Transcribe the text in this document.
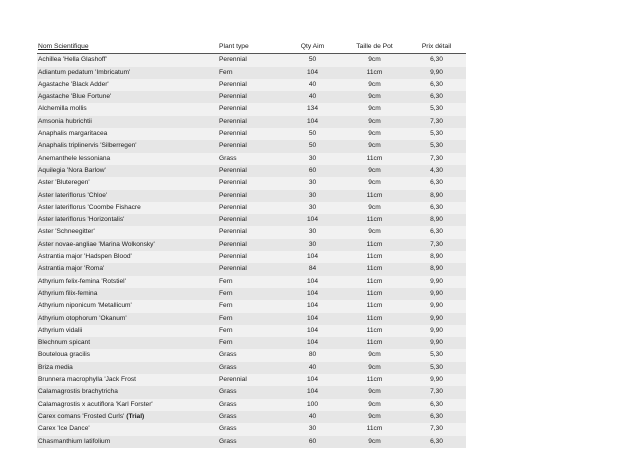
Nom Scientifique	Plant type	Qty Aim	Taille de Pot	Prix détail
Achillea 'Hella Glashoff'	Perennial	50	9cm	6,30
Adiantum pedatum 'Imbricatum'	Fern	104	11cm	9,90
Agastache 'Black Adder'	Perennial	40	9cm	6,30
Agastache 'Blue Fortune'	Perennial	40	9cm	6,30
Alchemilla mollis	Perennial	134	9cm	5,30
Amsonia hubrichtii	Perennial	104	9cm	7,30
Anaphalis margaritacea	Perennial	50	9cm	5,30
Anaphalis triplinervis 'Silberregen'	Perennial	50	9cm	5,30
Anemanthele lessoniana	Grass	30	11cm	7,30
Aquilegia 'Nora Barlow'	Perennial	60	9cm	4,30
Aster 'Bluteregen'	Perennial	30	9cm	6,30
Aster lateriflorus 'Chloe'	Perennial	30	11cm	8,90
Aster lateriflorus 'Coombe Fishacre	Perennial	30	9cm	6,30
Aster lateriflorus 'Horizontalis'	Perennial	104	11cm	8,90
Aster 'Schneegitter'	Perennial	30	9cm	6,30
Aster novae-angliae 'Marina Wolkonsky'	Perennial	30	11cm	7,30
Astrantia major 'Hadspen Blood'	Perennial	104	11cm	8,90
Astrantia major 'Roma'	Perennial	84	11cm	8,90
Athyrium felix-femina 'Rotstiel'	Fern	104	11cm	9,90
Athyrium filix-femina	Fern	104	11cm	9,90
Athyrium niponicum 'Metallicum'	Fern	104	11cm	9,90
Athyrium otophorum 'Okanum'	Fern	104	11cm	9,90
Athyrium vidalii	Fern	104	11cm	9,90
Blechnum spicant	Fern	104	11cm	9,90
Bouteloua gracilis	Grass	80	9cm	5,30
Briza media	Grass	40	9cm	5,30
Brunnera macrophylla 'Jack Frost	Perennial	104	11cm	9,90
Calamagrostis brachytricha	Grass	104	9cm	7,30
Calamagrostis x acutiflora 'Karl Forster'	Grass	100	9cm	6,30
Carex comans 'Frosted Curls' (Trial)	Grass	40	9cm	6,30
Carex 'Ice Dance'	Grass	30	11cm	7,30
Chasmanthium latifolium	Grass	60	9cm	6,30
